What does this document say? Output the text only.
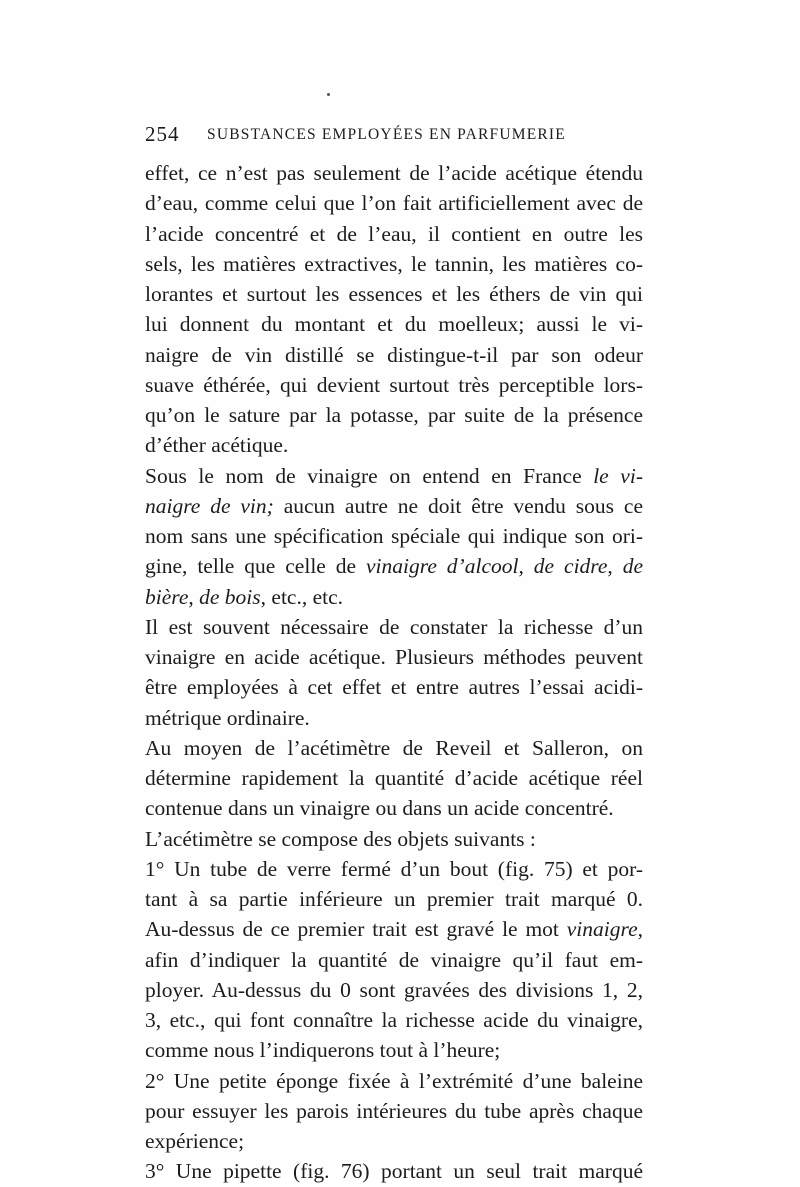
254 SUBSTANCES EMPLOYÉES EN PARFUMERIE
effet, ce n’est pas seulement de l’acide acétique étendu
d’eau, comme celui que l’on fait artificiellement avec de
l’acide concentré et de l’eau, il contient en outre les
sels, les matières extractives, le tannin, les matières co-
lorantes et surtout les essences et les éthers de vin qui
lui donnent du montant et du moelleux; aussi le vi-
naigre de vin distillé se distingue-t-il par son odeur
suave éthérée, qui devient surtout très perceptible lors-
qu’on le sature par la potasse, par suite de la présence
d’éther acétique.
Sous le nom de vinaigre on entend en France le vi-
naigre de vin; aucun autre ne doit être vendu sous ce
nom sans une spécification spéciale qui indique son ori-
gine, telle que celle de vinaigre d’alcool, de cidre, de
bière, de bois, etc., etc.
Il est souvent nécessaire de constater la richesse d’un
vinaigre en acide acétique. Plusieurs méthodes peuvent
être employées à cet effet et entre autres l’essai acidi-
métrique ordinaire.
Au moyen de l’acétimètre de Reveil et Salleron, on
détermine rapidement la quantité d’acide acétique réel
contenue dans un vinaigre ou dans un acide concentré.
L’acétimètre se compose des objets suivants :
1° Un tube de verre fermé d’un bout (fig. 75) et por-
tant à sa partie inférieure un premier trait marqué 0.
Au-dessus de ce premier trait est gravé le mot vinaigre,
afin d’indiquer la quantité de vinaigre qu’il faut em-
ployer. Au-dessus du 0 sont gravées des divisions 1, 2,
3, etc., qui font connaître la richesse acide du vinaigre,
comme nous l’indiquerons tout à l’heure;
2° Une petite éponge fixée à l’extrémité d’une baleine
pour essuyer les parois intérieures du tube après chaque
expérience;
3° Une pipette (fig. 76) portant un seul trait marqué
